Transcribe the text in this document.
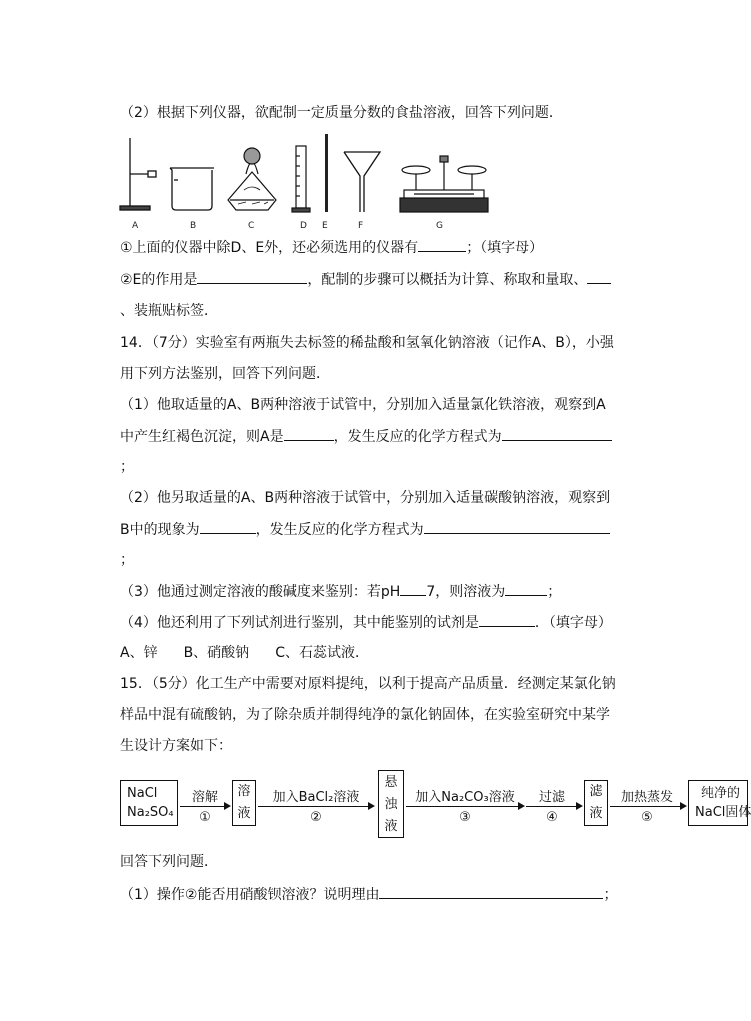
（2）根据下列仪器，欲配制一定质量分数的食盐溶液，回答下列问题．
A	B	C	D E	F	G
①上面的仪器中除D、E外，还必须选用的仪器有	；（填字母）
②E的作用是	，配制的步骤可以概括为计算、称取和量取、
、装瓶贴标签．
14．（7分）实验室有两瓶失去标签的稀盐酸和氢氧化钠溶液（记作A、B），小强
用下列方法鉴别，回答下列问题．
（1）他取适量的A、B两种溶液于试管中，分别加入适量氯化铁溶液，观察到A
中产生红褐色沉淀，则A是	，发生反应的化学方程式为
；
（2）他另取适量的A、B两种溶液于试管中，分别加入适量碳酸钠溶液，观察到
B中的现象为	，发生反应的化学方程式为
；
（3）他通过测定溶液的酸碱度来鉴别：若pH 7，则溶液为	；
（4）他还利用了下列试剂进行鉴别，其中能鉴别的试剂是	．（填字母）
A、锌 B、硝酸钠 C、石蕊试液．
15．（5分）化工生产中需要对原料提纯，以利于提高产品质量．经测定某氯化钠
样品中混有硫酸钠，为了除杂质并制得纯净的氯化钠固体，在实验室研究中某学
生设计方案如下：
NaCl
Na₂SO₄
溶解
①
溶
液
加入BaCl₂溶液
②
悬
浊
液
加入Na₂CO₃溶液
③
过滤
④
滤
液
加热蒸发
⑤
纯净的
NaCl固体
回答下列问题．
（1）操作②能否用硝酸钡溶液？说明理由	；
